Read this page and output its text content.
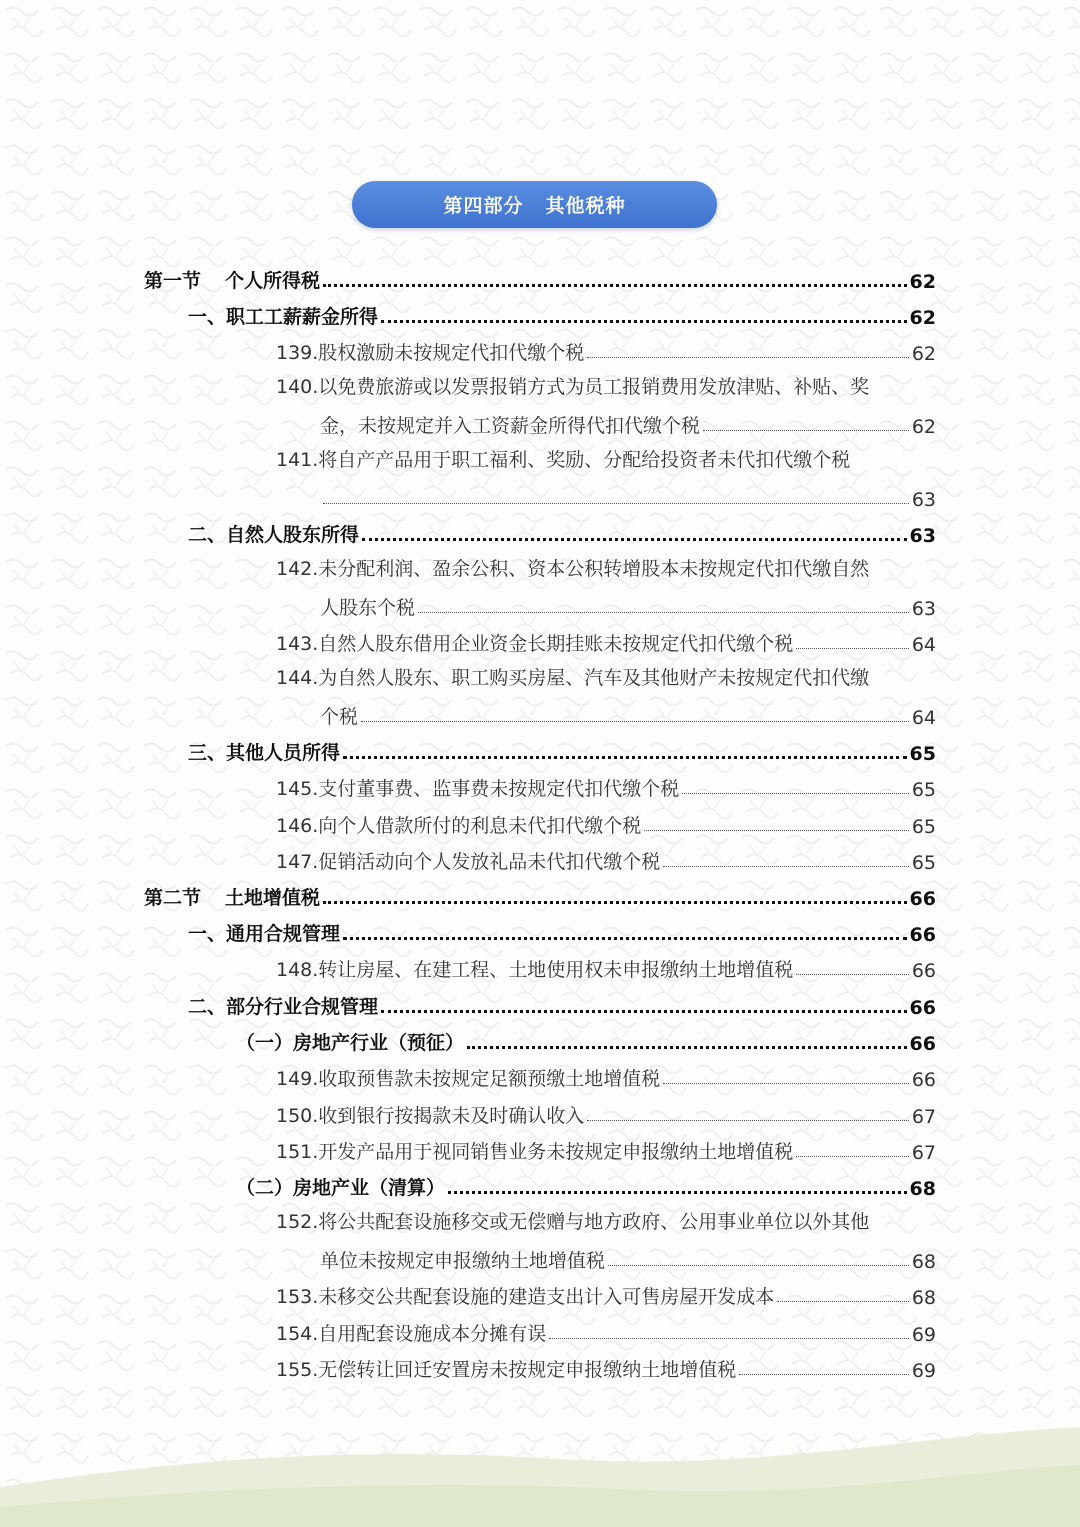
第四部分 其他税种
第一节 个人所得税	62
一、职工工薪薪金所得	62
139.股权激励未按规定代扣代缴个税	62
140.以免费旅游或以发票报销方式为员工报销费用发放津贴、补贴、奖
金，未按规定并入工资薪金所得代扣代缴个税	62
141.将自产产品用于职工福利、奖励、分配给投资者未代扣代缴个税
63
二、自然人股东所得	63
142.未分配利润、盈余公积、资本公积转增股本未按规定代扣代缴自然
人股东个税	63
143.自然人股东借用企业资金长期挂账未按规定代扣代缴个税	64
144.为自然人股东、职工购买房屋、汽车及其他财产未按规定代扣代缴
个税	64
三、其他人员所得	65
145.支付董事费、监事费未按规定代扣代缴个税	65
146.向个人借款所付的利息未代扣代缴个税	65
147.促销活动向个人发放礼品未代扣代缴个税	65
第二节 土地增值税	66
一、通用合规管理	66
148.转让房屋、在建工程、土地使用权未申报缴纳土地增值税	66
二、部分行业合规管理	66
（一）房地产行业（预征）	66
149.收取预售款未按规定足额预缴土地增值税	66
150.收到银行按揭款未及时确认收入	67
151.开发产品用于视同销售业务未按规定申报缴纳土地增值税	67
（二）房地产业（清算）	68
152.将公共配套设施移交或无偿赠与地方政府、公用事业单位以外其他
单位未按规定申报缴纳土地增值税	68
153.未移交公共配套设施的建造支出计入可售房屋开发成本	68
154.自用配套设施成本分摊有误	69
155.无偿转让回迁安置房未按规定申报缴纳土地增值税	69
